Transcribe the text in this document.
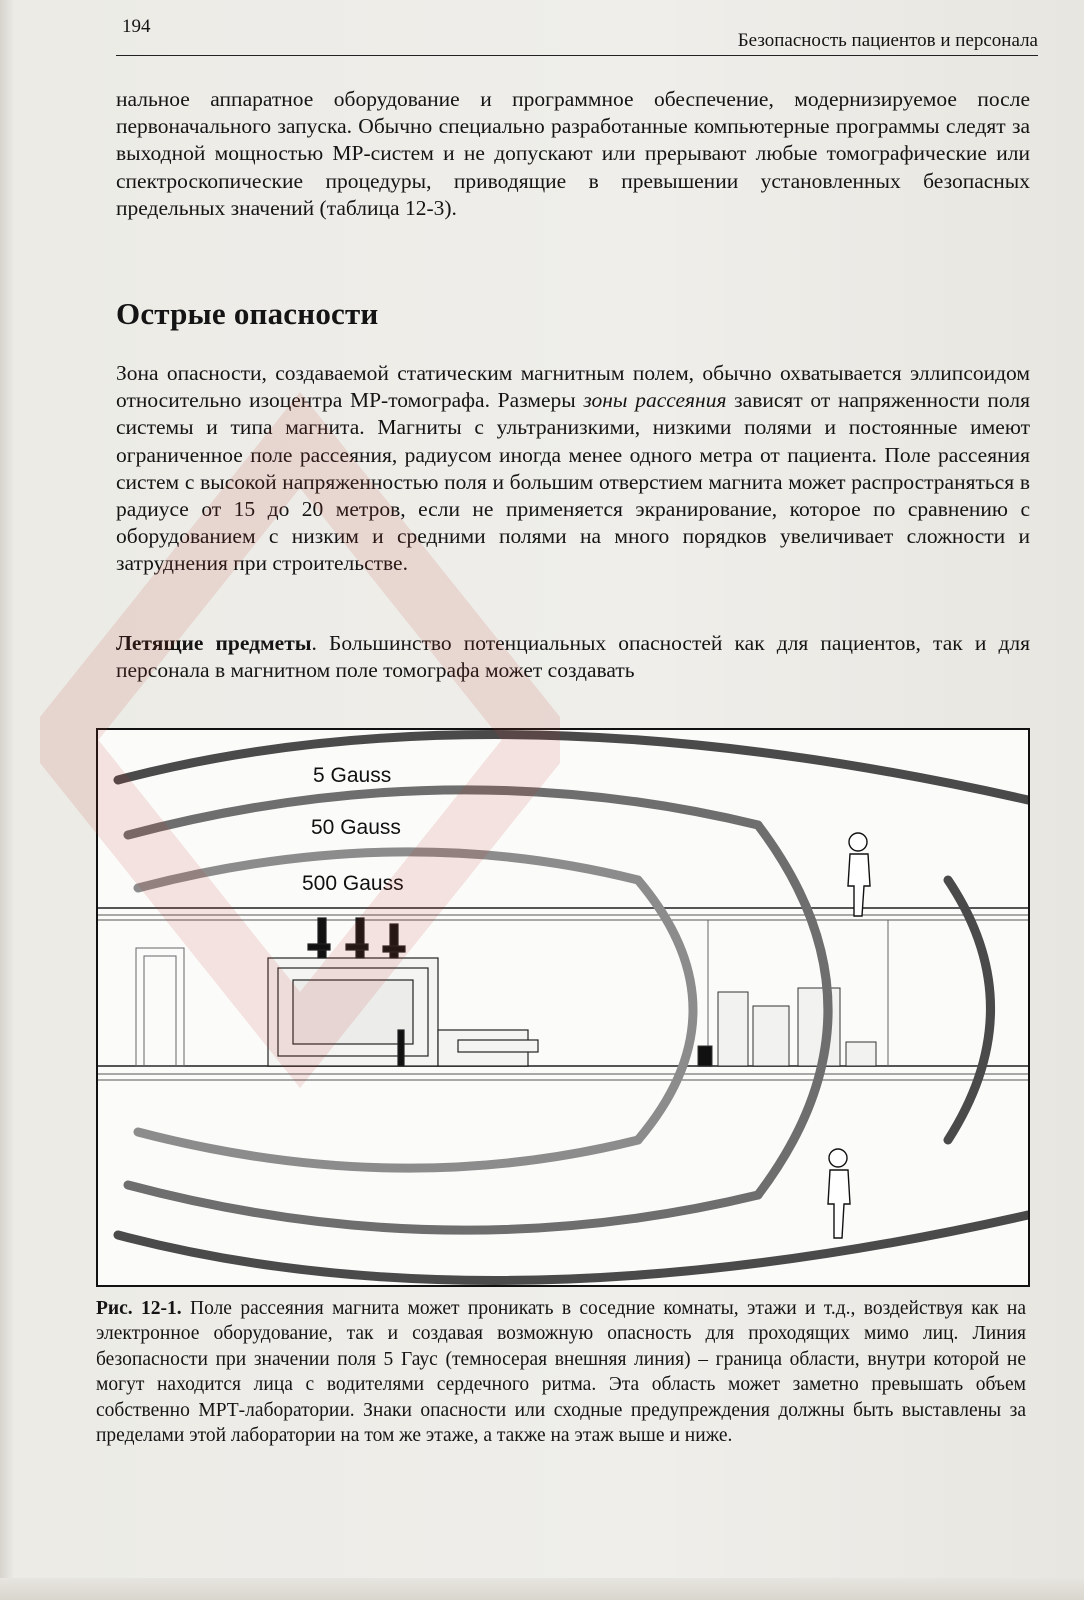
194
Безопасность пациентов и персонала

нальное аппаратное оборудование и программное обеспечение, модернизируемое после первоначального запуска. Обычно специально разработанные компьютерные программы следят за выходной мощностью МР-систем и не допускают или прерывают любые томографические или спектроскопические процедуры, приводящие в превышении установленных безопасных предельных значений (таблица 12-3).

Острые опасности

Зона опасности, создаваемой статическим магнитным полем, обычно охватывается эллипсоидом относительно изоцентра МР-томографа. Размеры зоны рассеяния зависят от напряженности поля системы и типа магнита. Магниты с ультранизкими, низкими полями и постоянные имеют ограниченное поле рассеяния, радиусом иногда менее одного метра от пациента. Поле рассеяния систем с высокой напряженностью поля и большим отверстием магнита может распространяться в радиусе от 15 до 20 метров, если не применяется экранирование, которое по сравнению с оборудованием с низким и средними полями на много порядков увеличивает сложности и затруднения при строительстве.

Летящие предметы. Большинство потенциальных опасностей как для пациентов, так и для персонала в магнитном поле томографа может создавать

5 Gauss
50 Gauss
500 Gauss
Рис. 12-1. Поле рассеяния магнита может проникать в соседние комнаты, этажи и т.д., воздействуя как на электронное оборудование, так и создавая возможную опасность для проходящих мимо лиц. Линия безопасности при значении поля 5 Гаус (темносерая внешняя линия) – граница области, внутри которой не могут находится лица с водителями сердечного ритма. Эта область может заметно превышать объем собственно МРТ-лаборатории. Знаки опасности или сходные предупреждения должны быть выставлены за пределами этой лаборатории на том же этаже, а также на этаж выше и ниже.
